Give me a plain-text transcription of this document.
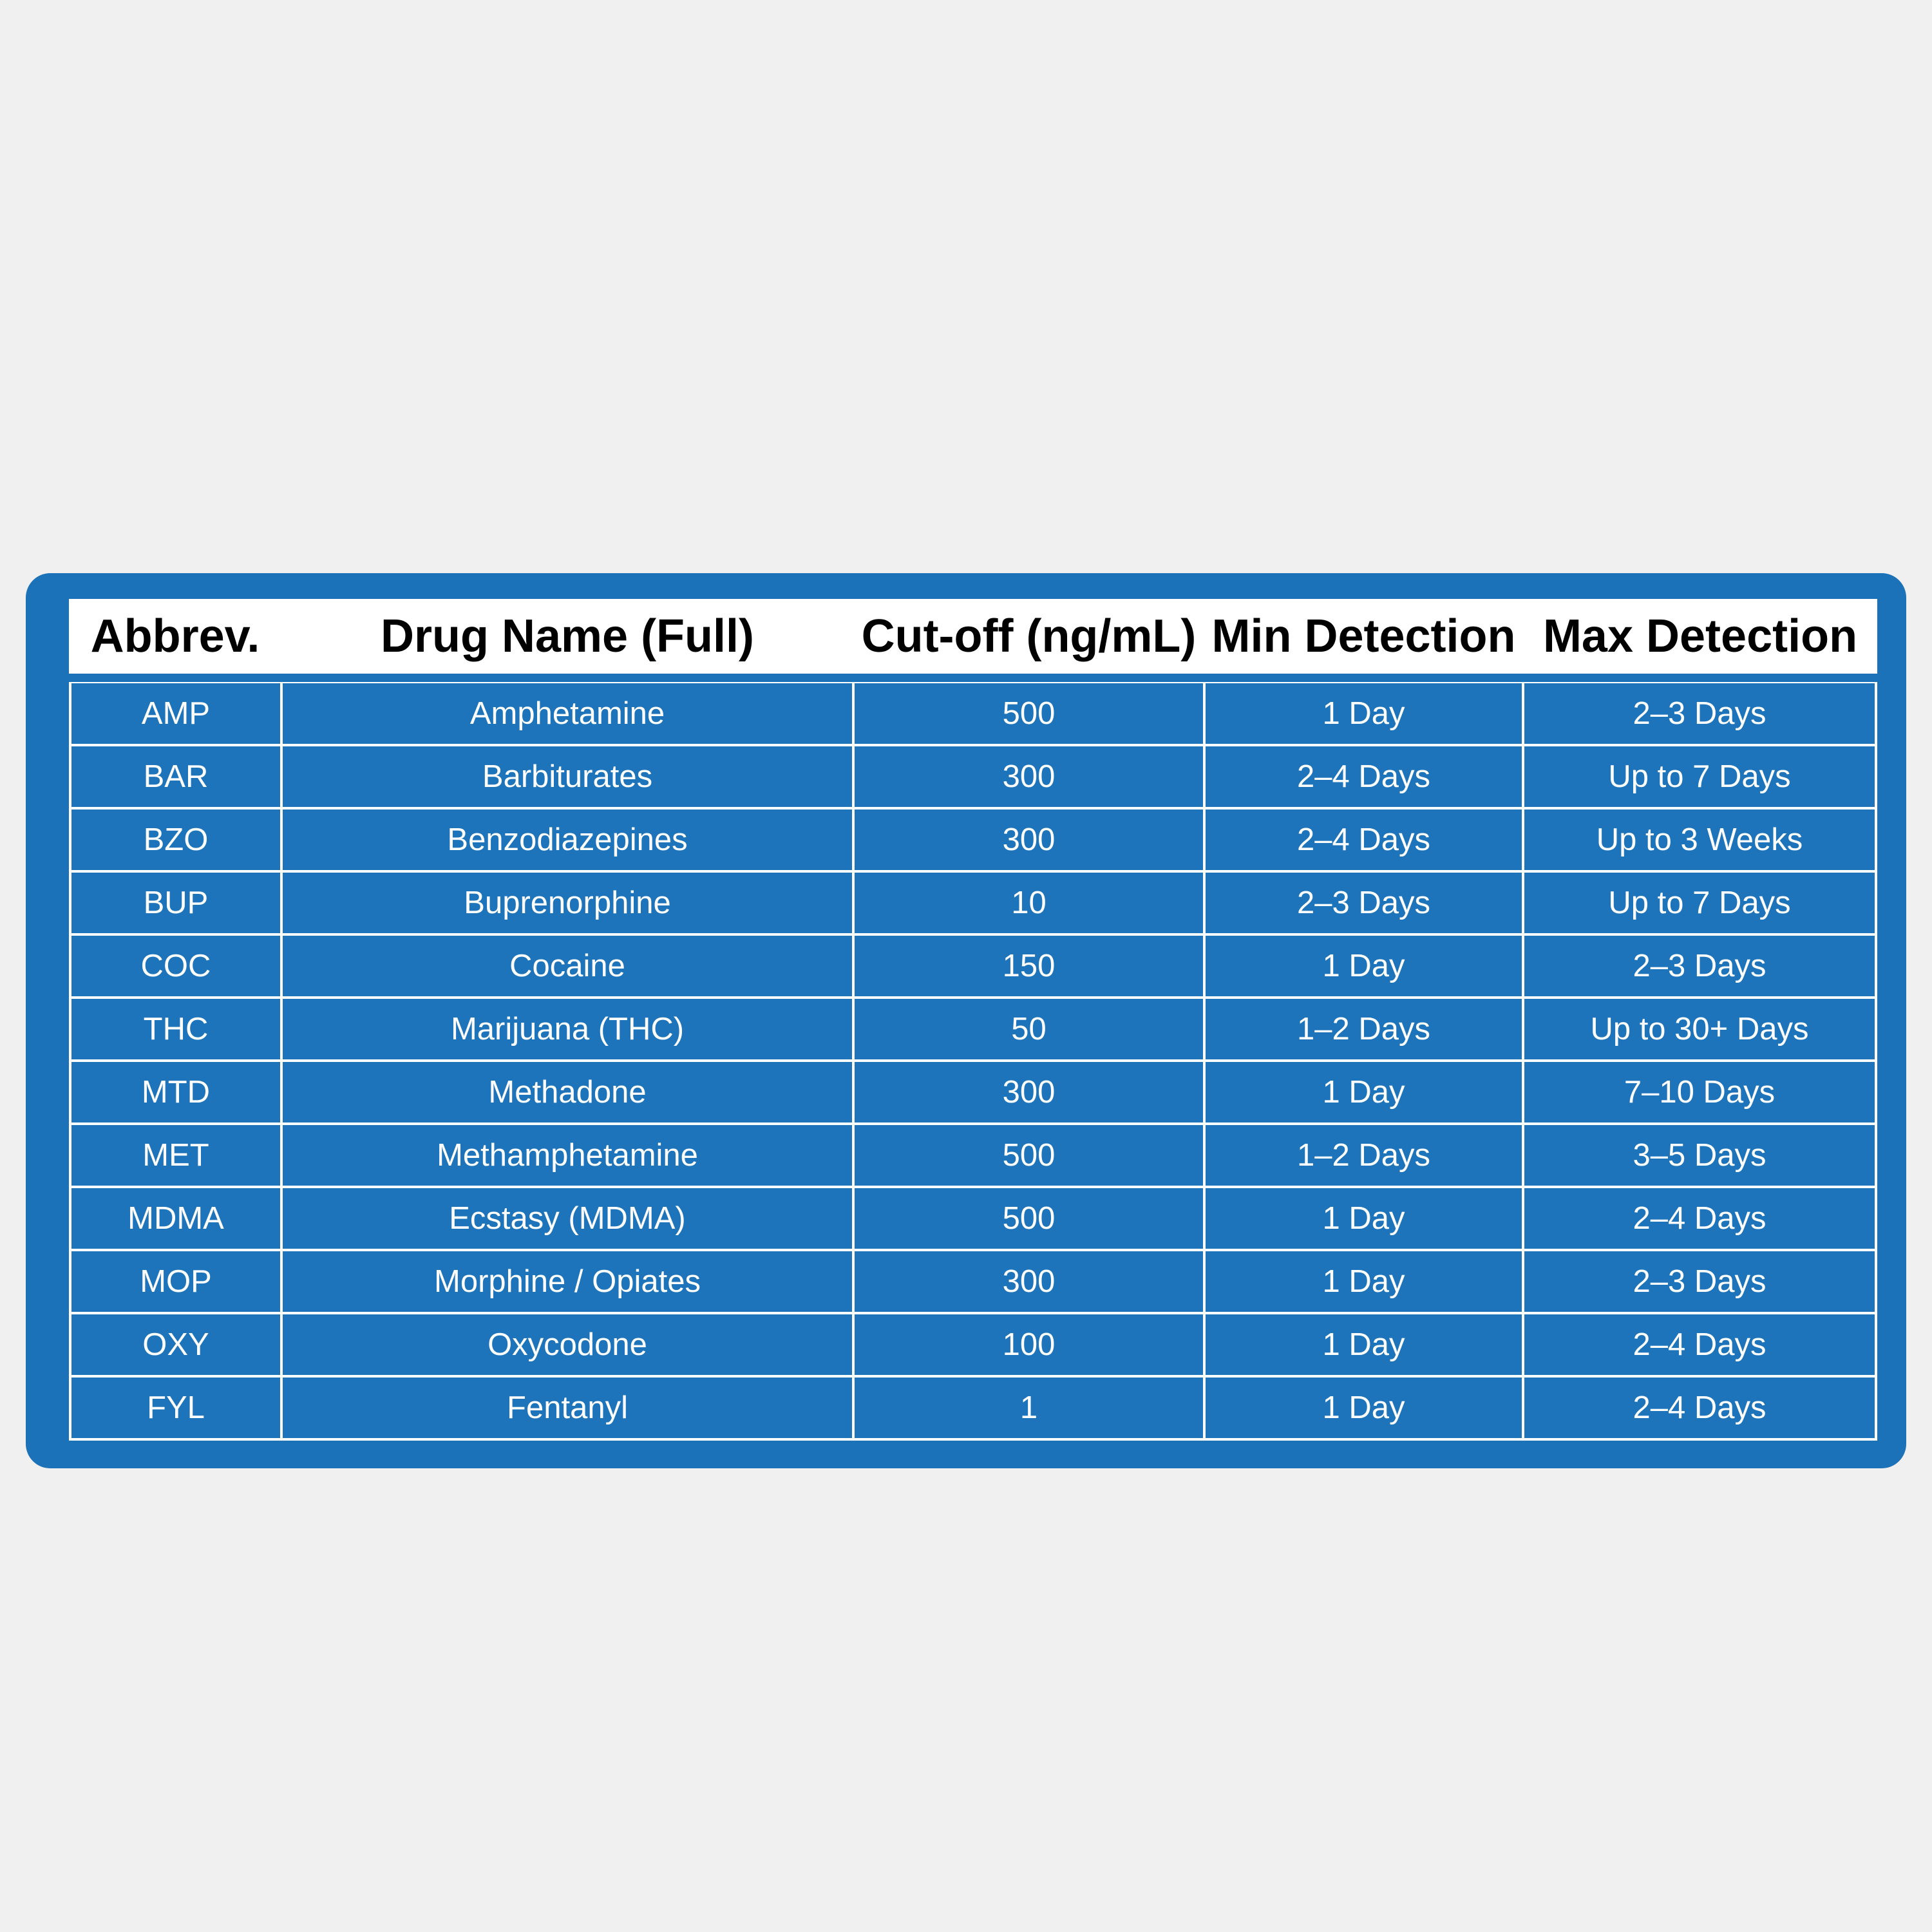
Abbrev.	Drug Name (Full)	Cut-off (ng/mL)	Min Detection	Max Detection
AMP	Amphetamine	500	1 Day	2–3 Days
BAR	Barbiturates	300	2–4 Days	Up to 7 Days
BZO	Benzodiazepines	300	2–4 Days	Up to 3 Weeks
BUP	Buprenorphine	10	2–3 Days	Up to 7 Days
COC	Cocaine	150	1 Day	2–3 Days
THC	Marijuana (THC)	50	1–2 Days	Up to 30+ Days
MTD	Methadone	300	1 Day	7–10 Days
MET	Methamphetamine	500	1–2 Days	3–5 Days
MDMA	Ecstasy (MDMA)	500	1 Day	2–4 Days
MOP	Morphine / Opiates	300	1 Day	2–3 Days
OXY	Oxycodone	100	1 Day	2–4 Days
FYL	Fentanyl	1	1 Day	2–4 Days
